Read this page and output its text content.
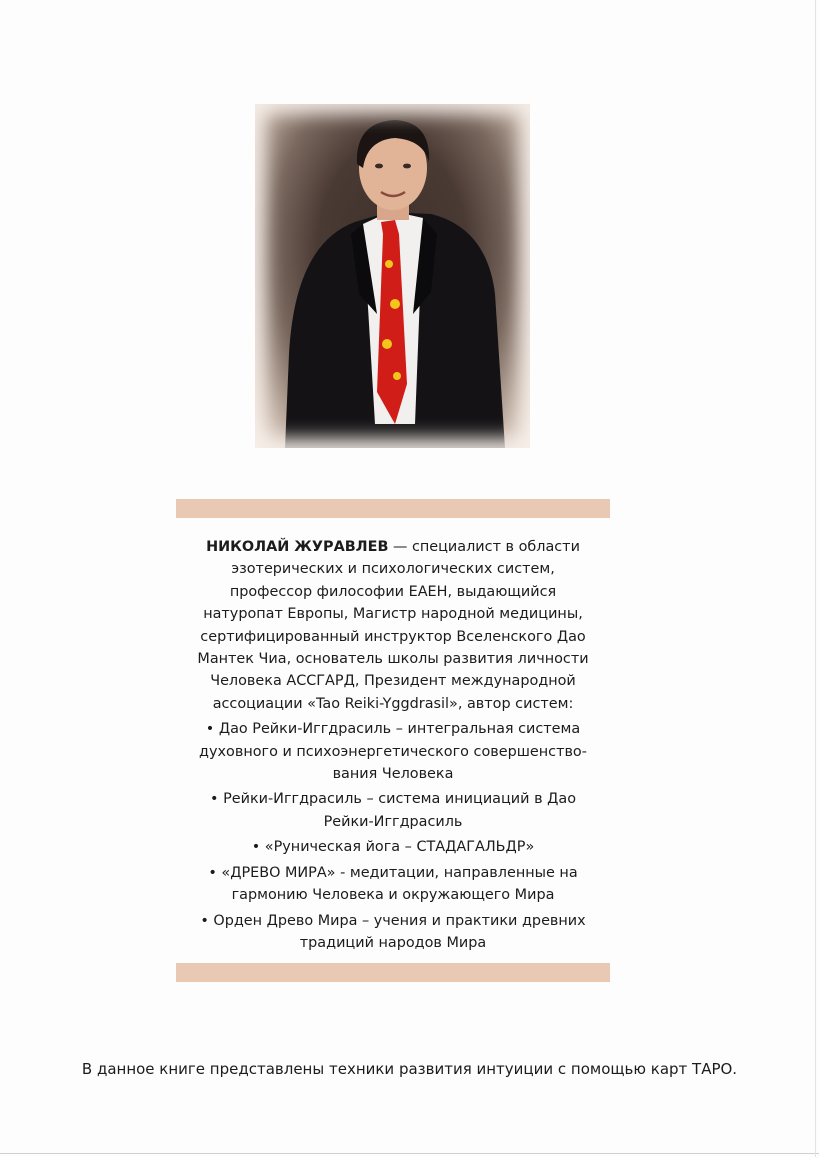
НИКОЛАЙ ЖУРАВЛЕВ — специалист в области
эзотерических и психологических систем,
профессор философии ЕАЕН, выдающийся
натуропат Европы, Магистр народной медицины,
сертифицированный инструктор Вселенского Дао
Мантек Чиа, основатель школы развития личности
Человека АССГАРД, Президент международной
ассоциации «Tao Reiki-Yggdrasil», автор систем:

• Дао Рейки-Иггдрасиль – интегральная система
духовного и психоэнергетического совершенство-
вания Человека

• Рейки-Иггдрасиль – система инициаций в Дао
Рейки-Иггдрасиль

• «Руническая йога – СТАДАГАЛЬДР»

• «ДРЕВО МИРА» - медитации, направленные на
гармонию Человека и окружающего Мира

• Орден Древо Мира – учения и практики древних
традиций народов Мира

В данное книге представлены техники развития интуиции с помощью карт ТАРО.
